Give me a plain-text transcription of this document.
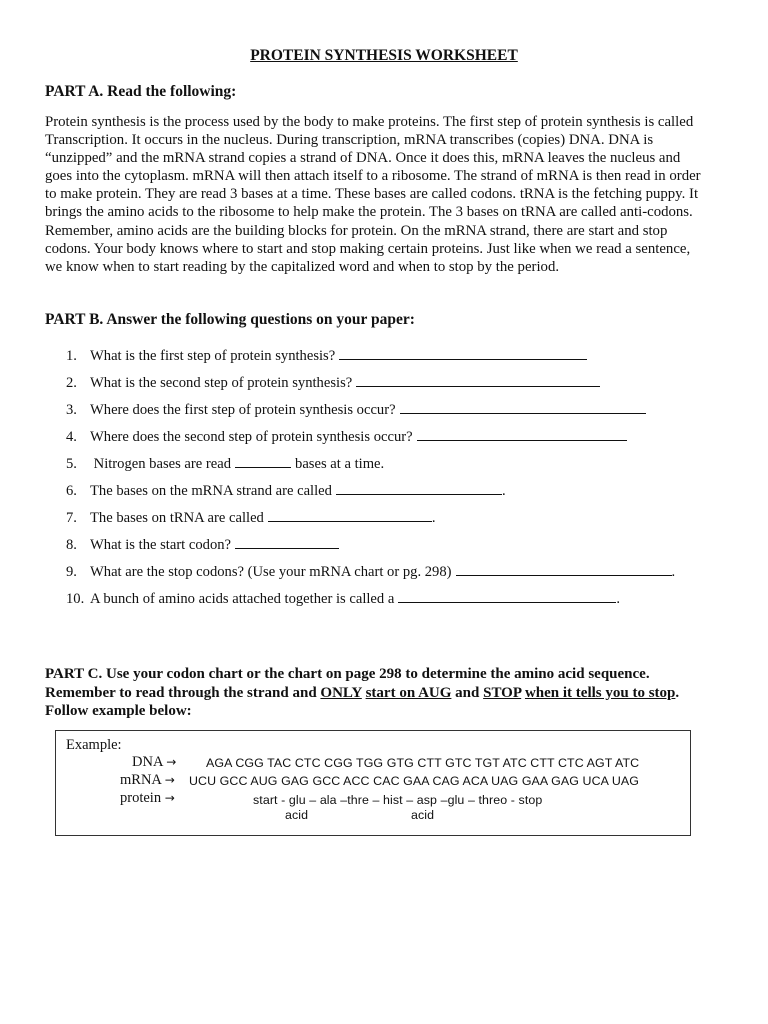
PROTEIN SYNTHESIS WORKSHEET
PART A. Read the following:
Protein synthesis is the process used by the body to make proteins. The first step of protein synthesis is called
Transcription. It occurs in the nucleus. During transcription, mRNA transcribes (copies) DNA. DNA is
“unzipped” and the mRNA strand copies a strand of DNA. Once it does this, mRNA leaves the nucleus and
goes into the cytoplasm. mRNA will then attach itself to a ribosome. The strand of mRNA is then read in order
to make protein. They are read 3 bases at a time. These bases are called codons. tRNA is the fetching puppy. It
brings the amino acids to the ribosome to help make the protein. The 3 bases on tRNA are called anti-codons.
Remember, amino acids are the building blocks for protein. On the mRNA strand, there are start and stop
codons. Your body knows where to start and stop making certain proteins. Just like when we read a sentence,
we know when to start reading by the capitalized word and when to stop by the period.
PART B. Answer the following questions on your paper:
1. What is the first step of protein synthesis?
2. What is the second step of protein synthesis?
3. Where does the first step of protein synthesis occur?
4. Where does the second step of protein synthesis occur?
5. Nitrogen bases are read	bases at a time.
6. The bases on the mRNA strand are called	.
7. The bases on tRNA are called	.
8. What is the start codon?
9. What are the stop codons? (Use your mRNA chart or pg. 298)	.
10. A bunch of amino acids attached together is called a	.
PART C. Use your codon chart or the chart on page 298 to determine the amino acid sequence.
Remember to read through the strand and ONLY start on AUG and STOP when it tells you to stop.
Follow example below:
Example:
DNA → AGA CGG TAC CTC CGG TGG GTG CTT GTC TGT ATC CTT CTC AGT ATC
mRNA → UCU GCC AUG GAG GCC ACC CAC GAA CAG ACA UAG GAA GAG UCA UAG
protein →	start - glu – ala –thre – hist – asp –glu – threo - stop
acid	acid
